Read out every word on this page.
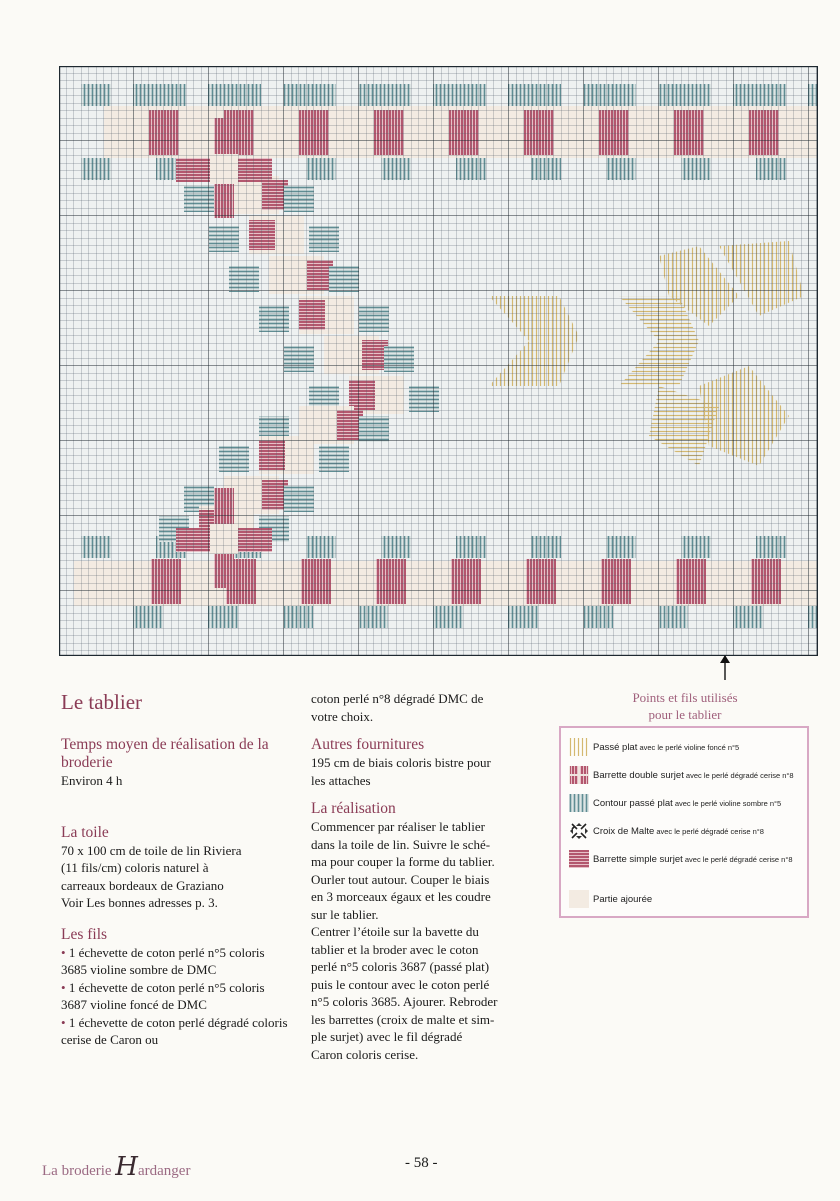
Le tablier
Temps moyen de réalisation de la broderie

Environ 4 h

La toile

70 x 100 cm de toile de lin Riviera

(11 fils/cm) coloris naturel à

carreaux bordeaux de Graziano

Voir Les bonnes adresses p. 3.

Les fils
• 1 échevette de coton perlé n°5 coloris 3685 violine sombre de DMC
• 1 échevette de coton perlé n°5 coloris 3687 violine foncé de DMC
• 1 échevette de coton perlé dégradé coloris cerise de Caron ou

coton perlé n°8 dégradé DMC de

votre choix.

Autres fournitures

195 cm de biais coloris bistre pour

les attaches

La réalisation

Commencer par réaliser le tablier

dans la toile de lin. Suivre le sché-

ma pour couper la forme du tablier.

Ourler tout autour. Couper le biais

en 3 morceaux égaux et les coudre

sur le tablier.

Centrer l’étoile sur la bavette du

tablier et la broder avec le coton

perlé n°5 coloris 3687 (passé plat)

puis le contour avec le coton perlé

n°5 coloris 3685. Ajourer. Rebroder

les barrettes (croix de malte et sim-

ple surjet) avec le fil dégradé

Caron coloris cerise.

Points et fils utilisés
pour le tablier
Passé plat avec le perlé violine foncé n°5
Barrette double surjet avec le perlé dégradé cerise n°8
Contour passé plat avec le perlé violine sombre n°5
Croix de Malte avec le perlé dégradé cerise n°8
Barrette simple surjet avec le perlé dégradé cerise n°8
Partie ajourée
La broderie Hardanger	- 58 -
